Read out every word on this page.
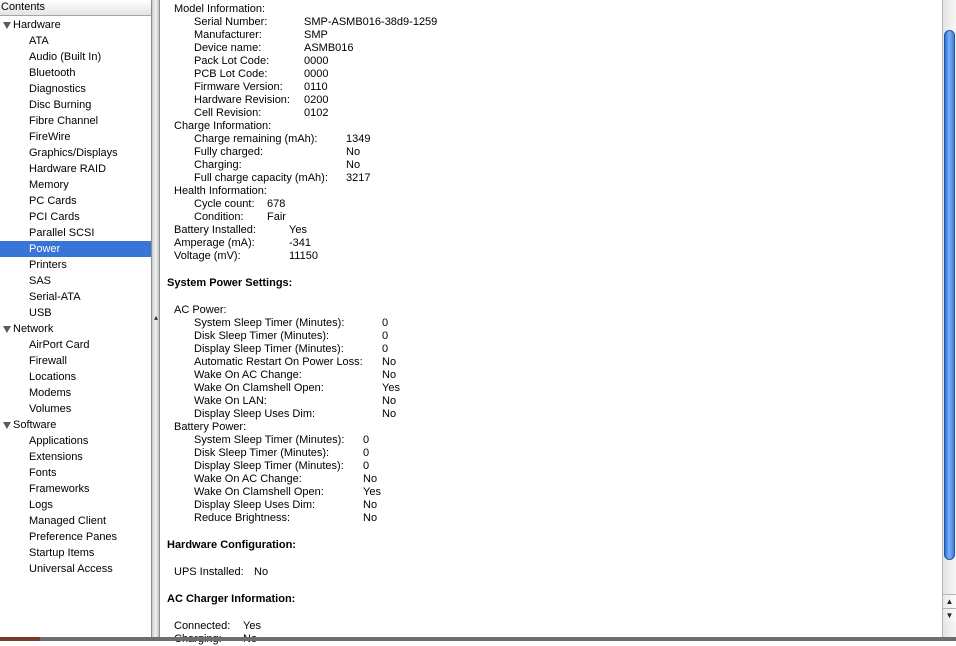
Contents
Hardware
ATA
Audio (Built In)
Bluetooth
Diagnostics
Disc Burning
Fibre Channel
FireWire
Graphics/Displays
Hardware RAID
Memory
PC Cards
PCI Cards
Parallel SCSI
Power
Printers
SAS
Serial-ATA
USB
Network
AirPort Card
Firewall
Locations
Modems
Volumes
Software
Applications
Extensions
Fonts
Frameworks
Logs
Managed Client
Preference Panes
Startup Items
Universal Access
▴
Model Information:
Serial Number:	SMP-ASMB016-38d9-1259
Manufacturer:	SMP
Device name:	ASMB016
Pack Lot Code:	0000
PCB Lot Code:	0000
Firmware Version: 0110
Hardware Revision: 0200
Cell Revision:	0102
Charge Information:
Charge remaining (mAh):	1349
Fully charged:	No
Charging:	No
Full charge capacity (mAh): 3217
Health Information:
Cycle count: 678
Condition: Fair
Battery Installed:	Yes
Amperage (mA):	-341
Voltage (mV):	11150
System Power Settings:
AC Power:
System Sleep Timer (Minutes):	0
Disk Sleep Timer (Minutes):	0
Display Sleep Timer (Minutes):	0
Automatic Restart On Power Loss: No
Wake On AC Change:	No
Wake On Clamshell Open:	Yes
Wake On LAN:	No
Display Sleep Uses Dim:	No
Battery Power:
System Sleep Timer (Minutes): 0
Disk Sleep Timer (Minutes):	0
Display Sleep Timer (Minutes): 0
Wake On AC Change:	No
Wake On Clamshell Open:	Yes
Display Sleep Uses Dim:	No
Reduce Brightness:	No
Hardware Configuration:
UPS Installed: No
AC Charger Information:
Connected: Yes
▲
▼
